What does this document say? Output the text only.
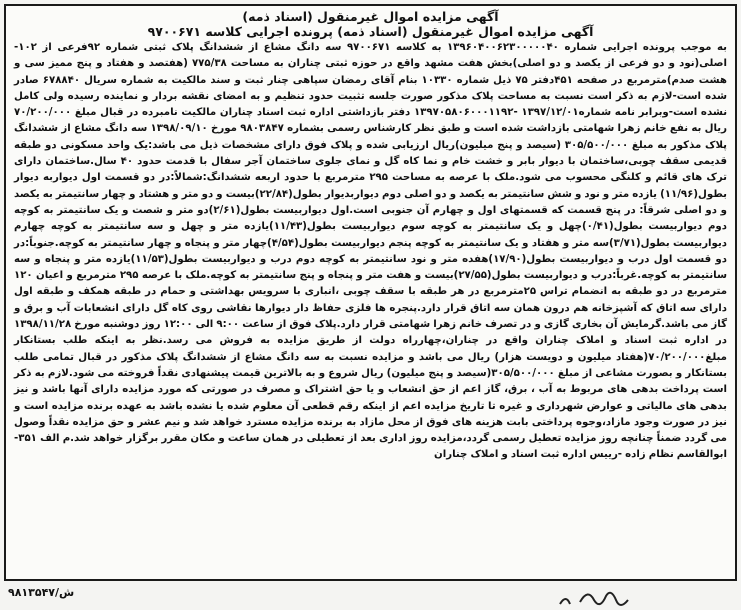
آگهی مزایده اموال غیرمنقول (اسناد ذمه)
آگهی مزایده اموال غیرمنقول (اسناد ذمه) پرونده اجرایی کلاسه ۹۷۰۰۶۷۱
به موجب پرونده اجرایی شماره ۱۳۹۶۰۴۰۰۶۲۳۰۰۰۰۰۴۰ به کلاسه ۹۷۰۰۶۷۱ سه دانگ مشاع از ششدانگ پلاک ثبتی شماره ۹۲فرعی از ۱۰۲-اصلی(نود و دو فرعی از یکصد و دو اصلی)بخش هفت مشهد واقع در حوزه ثبتی چناران به مساحت ۷۷۵/۳۸ (هفتصد و هفتاد و پنج ممیز سی و هشت صدم)مترمربع در صفحه ۴۵۱دفتر ۷۵ ذیل شماره ۱۰۳۳۰ بنام آقای رمضان سپاهی چنار ثبت و سند مالکیت به شماره سریال ۶۷۸۸۴۰ صادر شده است-لازم به ذکر است نسبت به مساحت پلاک مذکور صورت جلسه تثبیت حدود تنظیم و به امضای نقشه بردار و نماینده رسیده ولی کامل نشده است-وبرابر نامه شماره۱۳۹۷/۱۲/۰۱ -۱۳۹۷۰۵۸۰۶۰۰۰۱۱۹۲ دفتر بازداشتی اداره ثبت اسناد چناران مالکیت نامبرده در قبال مبلغ ۷۰/۲۰۰/۰۰۰ ریال به نفع خانم زهرا شهامتی بازداشت شده است و طبق نظر کارشناس رسمی بشماره ۹۸۰۳۸۴۷ مورخ ۱۳۹۸/۰۹/۱۰ سه دانگ مشاع از ششدانگ پلاک مذکور به مبلغ ۳۰۵/۵۰۰/۰۰۰ (سیصد و پنج میلیون)ریال ارزیابی شده و پلاک فوق دارای مشخصات ذیل می باشد:یک واحد مسکونی دو طبقه قدیمی سقف چوبی،ساختمان با دیوار بابر و خشت خام و نما کاه گل و نمای جلوی ساختمان آجر سفال با قدمت حدود ۴۰ سال.ساختمان دارای ترک های قائم و کلنگی محسوب می شود.ملک با عرصه به مساحت ۲۹۵ مترمربع با حدود اربعه ششدانگ:شمالاً:در دو قسمت اول دیواربه دیوار بطول(۱۱/۹۶) یازده متر و نود و شش سانتیمتر به یکصد و دو اصلی دوم دیواربدیوار بطول(۲۲/۸۴)بیست و دو متر و هشتاد و چهار سانتیمتر به یکصد و دو اصلی شرقاً: در پنج قسمت که قسمتهای اول و چهارم آن جنوبی است.اول دیواربیست بطول(۲/۶۱)دو متر و شصت و یک سانتیمتر به کوچه دوم دیواربیست بطول(۰/۴۱)چهل و یک سانتیمتر به کوچه سوم دیواربیست بطول(۱۱/۴۳)یازده متر و چهل و سه سانتیمتر به کوچه چهارم دیواربیست بطول(۳/۷۱)سه متر و هفتاد و یک سانتیمتر به کوچه پنجم دیواربیست بطول(۴/۵۴)چهار متر و پنجاه و چهار سانتیمتر به کوچه.جنوباً:در دو قسمت اول درب و دیواربیست بطول(۱۷/۹۰)هفده متر و نود سانتیمتر به کوچه دوم درب و دیواربیست بطول(۱۱/۵۳)یازده متر و پنجاه و سه سانتیمتر به کوچه.غرباً:درب و دیواربیست بطول(۲۷/۵۵)بیست و هفت متر و پنجاه و پنج سانتیمتر به کوچه.ملک با عرصه ۲۹۵ مترمربع و اعیان ۱۲۰ مترمربع در دو طبقه به انضمام تراس ۲۵مترمربع در هر طبقه با سقف چوبی ،انباری با سرویس بهداشتی و حمام در طبقه همکف و طبقه اول دارای سه اتاق که آشپزخانه هم درون همان سه اتاق قرار دارد.پنجره ها فلزی حفاظ دار دیوارها نقاشی روی کاه گل دارای انشعابات آب و برق و گاز می باشد.گرمایش آن بخاری گازی و در تصرف خانم زهرا شهامتی قرار دارد.پلاک فوق از ساعت ۹:۰۰ الی ۱۲:۰۰ روز دوشنبه مورخ ۱۳۹۸/۱۱/۲۸ در اداره ثبت اسناد و املاک چناران واقع در چناران،چهارراه دولت از طریق مزایده به فروش می رسد.نظر به اینکه طلب بستانکار مبلغ۷۰/۲۰۰/۰۰۰(هفتاد میلیون و دویست هزار) ریال می باشد و مزایده نسبت به سه دانگ مشاع از ششدانگ پلاک مذکور در قبال تمامی طلب بستانکار و بصورت مشاعی از مبلغ ۳۰۵/۵۰۰/۰۰۰(سیصد و پنج میلیون) ریال شروع و به بالاترین قیمت پیشنهادی نقداً فروخته می شود.لازم به ذکر است پرداخت بدهی های مربوط به آب ، برق، گاز اعم از حق انشعاب و یا حق اشتراک و مصرف در صورتی که مورد مزایده دارای آنها باشد و نیز بدهی های مالیاتی و عوارض شهرداری و غیره تا تاریخ مزایده اعم از اینکه رقم قطعی آن معلوم شده یا نشده باشد به عهده برنده مزایده است و نیز در صورت وجود مازاد،وجوه پرداختی بابت هزینه های فوق از محل مازاد به برنده مزایده مسترد خواهد شد و نیم عشر و حق مزایده نقداً وصول می گردد ضمناً چنانچه روز مزایده تعطیل رسمی گردد،مزایده روز اداری بعد از تعطیلی در همان ساعت و مکان مقرر برگزار خواهد شد.م الف ۳۵۱- ابوالقاسم نظام زاده -رییس اداره ثبت اسناد و املاک چناران
۹۸۱۳۵۴۷/ش
